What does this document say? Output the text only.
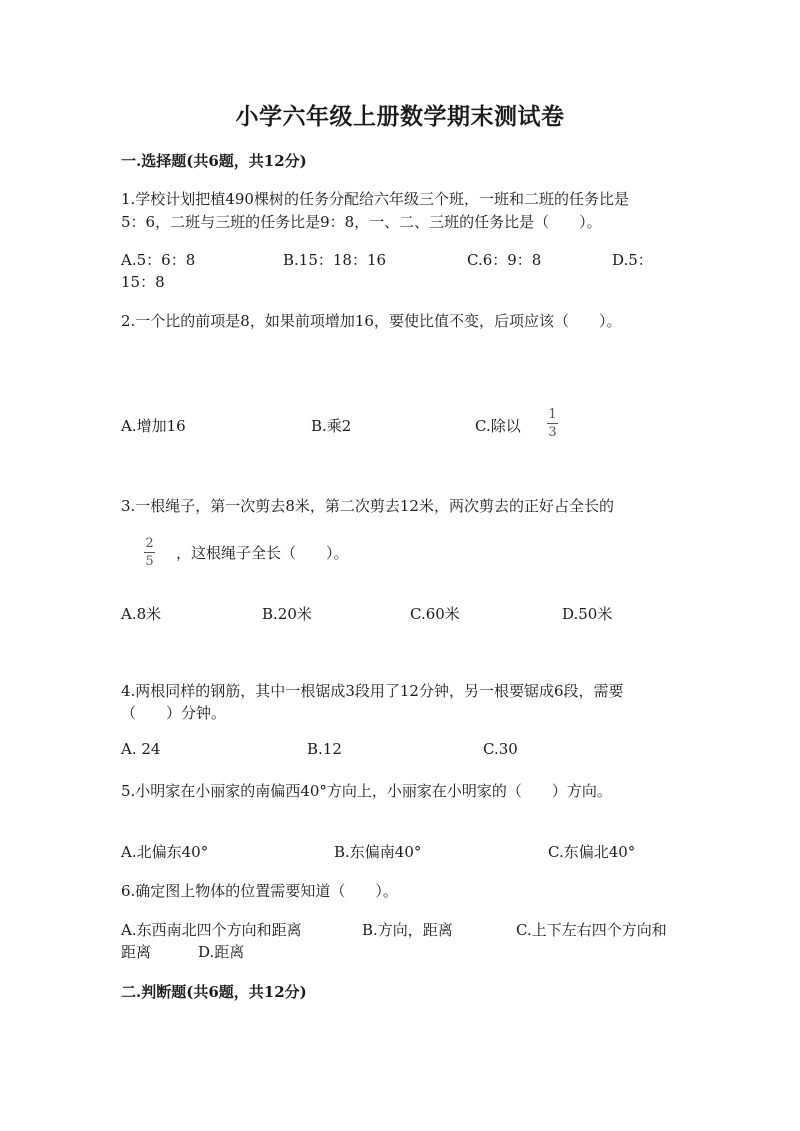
小学六年级上册数学期末测试卷
一.选择题(共6题，共12分)
1.学校计划把植490棵树的任务分配给六年级三个班，一班和二班的任务比是
5：6，二班与三班的任务比是9：8，一、二、三班的任务比是（　　）。
A.5：6：8	B.15：18：16	C.6：9：8	D.5：
15：8
2.一个比的前项是8，如果前项增加16，要使比值不变，后项应该（　　）。
A.增加16	B.乘2	C.除以
1
3
3.一根绳子，第一次剪去8米，第二次剪去12米，两次剪去的正好占全长的
2
5 ，这根绳子全长（　　）。
A.8米	B.20米	C.60米	D.50米
4.两根同样的钢筋，其中一根锯成3段用了12分钟，另一根要锯成6段，需要
（　　）分钟。
A. 24	B.12	C.30
5.小明家在小丽家的南偏西40°方向上，小丽家在小明家的（　　）方向。
A.北偏东40°	B.东偏南40°	C.东偏北40°
6.确定图上物体的位置需要知道（　　）。
A.东西南北四个方向和距离	B.方向，距离	C.上下左右四个方向和
距离	D.距离
二.判断题(共6题，共12分)
